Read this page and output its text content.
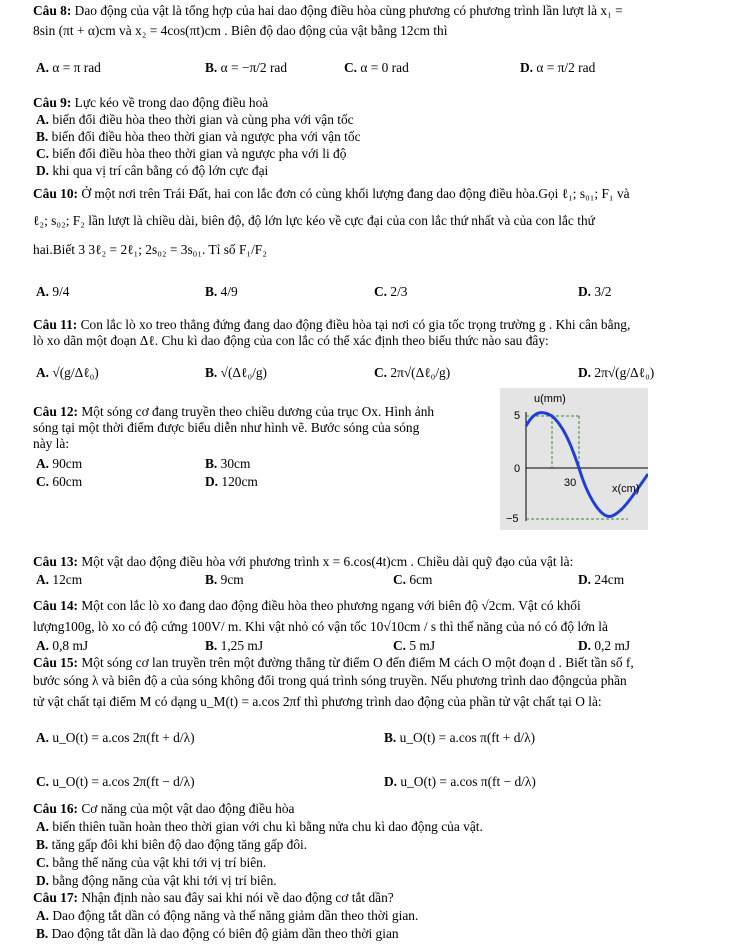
Câu 8: Dao động của vật là tổng hợp của hai dao động điều hòa cùng phương có phương trình lần lượt là x₁ =
8sin (πt + α)cm và x₂ = 4cos(πt)cm . Biên độ dao động của vật bằng 12cm thì
A. α = π rad	B. α = −π/2 rad	C. α = 0 rad	D. α = π/2 rad
Câu 9: Lực kéo về trong dao động điều hoà
A. biến đổi điều hòa theo thời gian và cùng pha với vận tốc
B. biến đổi điều hòa theo thời gian và ngược pha với vận tốc
C. biến đổi điều hòa theo thời gian và ngược pha với li độ
D. khi qua vị trí cân bằng có độ lớn cực đại
Câu 10: Ở một nơi trên Trái Đất, hai con lắc đơn có cùng khối lượng đang dao động điều hòa.Gọi ℓ₁; s₀₁; F₁ và
ℓ₂; s₀₂; F₂ lần lượt là chiều dài, biên độ, độ lớn lực kéo về cực đại của con lắc thứ nhất và của con lắc thứ
hai.Biết 3 3ℓ₂ = 2ℓ₁; 2s₀₂ = 3s₀₁. Tỉ số F₁/F₂
A. 9/4	B. 4/9	C. 2/3	D. 3/2
Câu 11: Con lắc lò xo treo thẳng đứng đang dao động điều hòa tại nơi có gia tốc trọng trường g . Khi cân bằng,
lò xo dãn một đoạn Δℓ. Chu kì dao động của con lắc có thể xác định theo biểu thức nào sau đây:
A. √(g/Δℓ₀)	B. √(Δℓ₀/g)	C. 2π√(Δℓ₀/g)	D. 2π√(g/Δℓ₀)
Câu 12: Một sóng cơ đang truyền theo chiều dương của trục Ox. Hình ảnh
sóng tại một thời điểm được biểu diễn như hình vẽ. Bước sóng của sóng
này là:
A. 90cm	B. 30cm
C. 60cm	D. 120cm
u(mm)
5
0
−5
30	x(cm)
Câu 13: Một vật dao động điều hòa với phương trình x = 6.cos(4t)cm . Chiều dài quỹ đạo của vật là:
A. 12cm	B. 9cm	C. 6cm	D. 24cm
Câu 14: Một con lắc lò xo đang dao động điều hòa theo phương ngang với biên độ √2cm. Vật có khối
lượng100g, lò xo có độ cứng 100V/ m. Khi vật nhỏ có vận tốc 10√10cm / s thì thế năng của nó có độ lớn là
A. 0,8 mJ	B. 1,25 mJ	C. 5 mJ	D. 0,2 mJ
Câu 15: Một sóng cơ lan truyền trên một đường thẳng từ điểm O đến điểm M cách O một đoạn d . Biết tần số f,
bước sóng λ và biên độ a của sóng không đổi trong quá trình sóng truyền. Nếu phương trình dao độngcủa phần
tử vật chất tại điểm M có dạng u_M(t) = a.cos 2πf thì phương trình dao động của phần tử vật chất tại O là:
A. u_O(t) = a.cos 2π(ft + d/λ)	B. u_O(t) = a.cos π(ft + d/λ)
C. u_O(t) = a.cos 2π(ft − d/λ)	D. u_O(t) = a.cos π(ft − d/λ)
Câu 16: Cơ năng của một vật dao động điều hòa
A. biến thiên tuần hoàn theo thời gian với chu kì bằng nửa chu kì dao động của vật.
B. tăng gấp đôi khi biên độ dao động tăng gấp đôi.
C. bằng thế năng của vật khi tới vị trí biên.
D. bằng động năng của vật khi tới vị trí biên.
Câu 17: Nhận định nào sau đây sai khi nói về dao động cơ tắt dần?
A. Dao động tắt dần có động năng và thế năng giảm dần theo thời gian.
B. Dao động tắt dần là dao động có biên độ giảm dần theo thời gian
